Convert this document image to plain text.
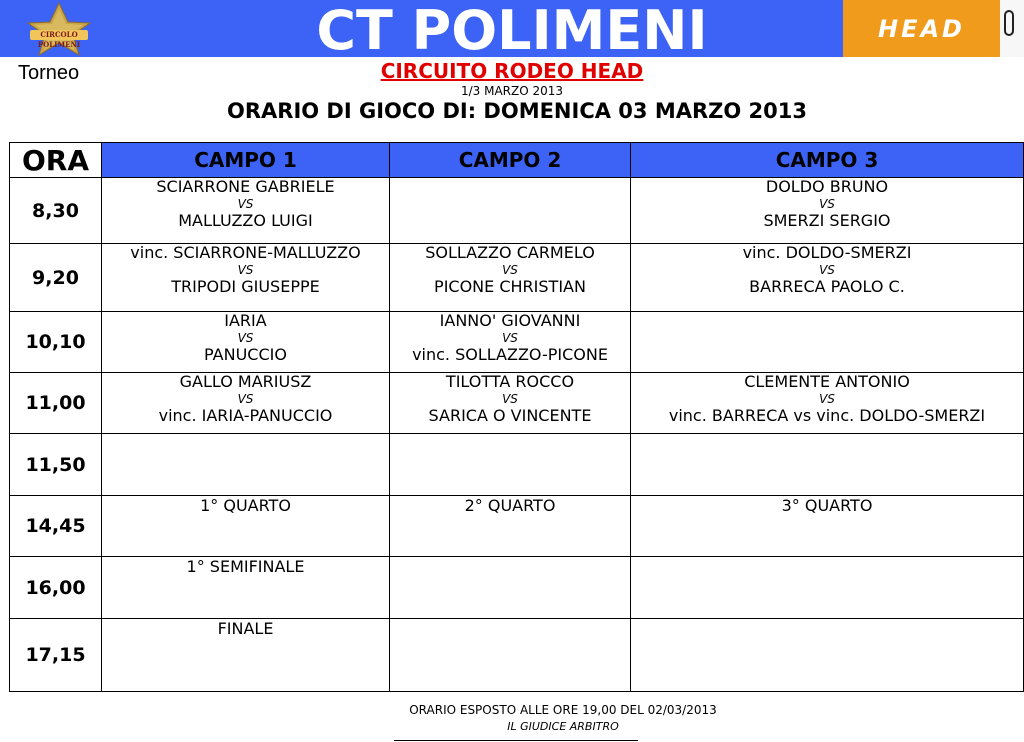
CIRCOLO POLIMENI	CT POLIMENI	HEAD
Torneo	CIRCUITO RODEO HEAD
1/3 MARZO 2013
ORARIO DI GIOCO DI: DOMENICA 03 MARZO 2013
ORA	CAMPO 1	CAMPO 2	CAMPO 3
8,30	SCIARRONE GABRIELE
VS
MALLUZZO LUIGI		DOLDO BRUNO
VS
SMERZI SERGIO

9,20	vinc. SCIARRONE-MALLUZZO
VS
TRIPODI GIUSEPPE	SOLLAZZO CARMELO
VS
PICONE CHRISTIAN	vinc. DOLDO-SMERZI
VS
BARRECA PAOLO C.

10,10	IARIA
VS
PANUCCIO	IANNO' GIOVANNI
VS
vinc. SOLLAZZO-PICONE	

11,00	GALLO MARIUSZ
VS
vinc. IARIA-PANUCCIO	TILOTTA ROCCO
VS
SARICA O VINCENTE	CLEMENTE ANTONIO
VS
vinc. BARRECA vs vinc. DOLDO-SMERZI

11,50			
14,45	1° QUARTO	2° QUARTO	3° QUARTO

16,00	1° SEMIFINALE		

17,15	FINALE		

ORARIO ESPOSTO ALLE ORE 19,00 DEL 02/03/2013
IL GIUDICE ARBITRO
